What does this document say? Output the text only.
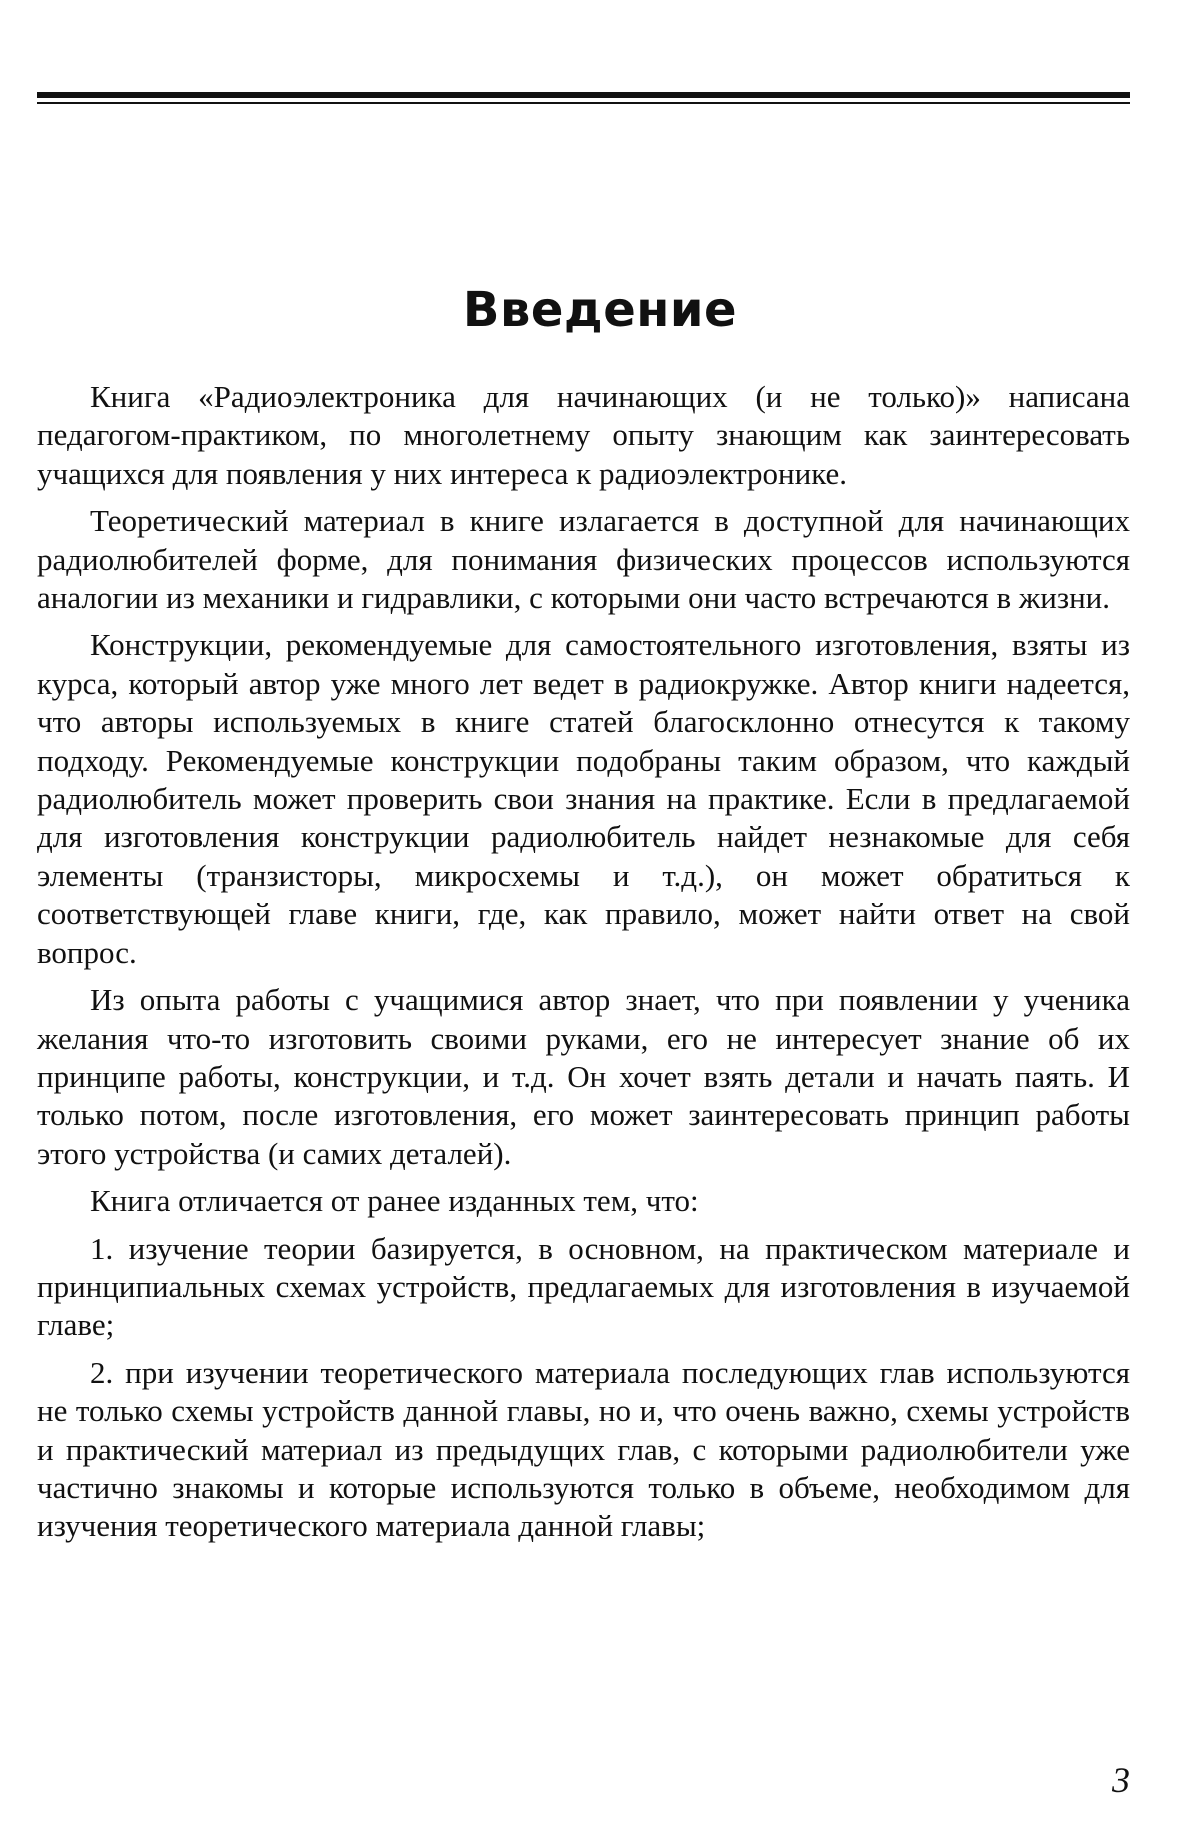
Введение

Книга «Радиоэлектроника для начинающих (и не только)» написана педагогом-практиком, по многолетнему опыту знающим как заинтересовать учащихся для появления у них интереса к радиоэлектронике.

Теоретический материал в книге излагается в доступной для начинающих радиолюбителей форме, для понимания физических процессов используются аналогии из механики и гидравлики, с которыми они часто встречаются в жизни.

Конструкции, рекомендуемые для самостоятельного изготовления, взяты из курса, который автор уже много лет ведет в радиокружке. Автор книги надеется, что авторы используемых в книге статей благосклонно отнесутся к такому подходу. Рекомендуемые конструкции подобраны таким образом, что каждый радиолюбитель может проверить свои знания на практике. Если в предлагаемой для изготовления конструкции радиолюбитель найдет незнакомые для себя элементы (транзисторы, микросхемы и т.д.), он может обратиться к соответствующей главе книги, где, как правило, может найти ответ на свой вопрос.

Из опыта работы с учащимися автор знает, что при появлении у ученика желания что-то изготовить своими руками, его не интересует знание об их принципе работы, конструкции, и т.д. Он хочет взять детали и начать паять. И только потом, после изготовления, его может заинтересовать принцип работы этого устройства (и самих деталей).

Книга отличается от ранее изданных тем, что:

1. изучение теории базируется, в основном, на практическом материале и принципиальных схемах устройств, предлагаемых для изготовления в изучаемой главе;

2. при изучении теоретического материала последующих глав используются не только схемы устройств данной главы, но и, что очень важно, схемы устройств и практический материал из предыдущих глав, с которыми радиолюбители уже частично знакомы и которые используются только в объеме, необходимом для изучения теоретического материала данной главы;

3
